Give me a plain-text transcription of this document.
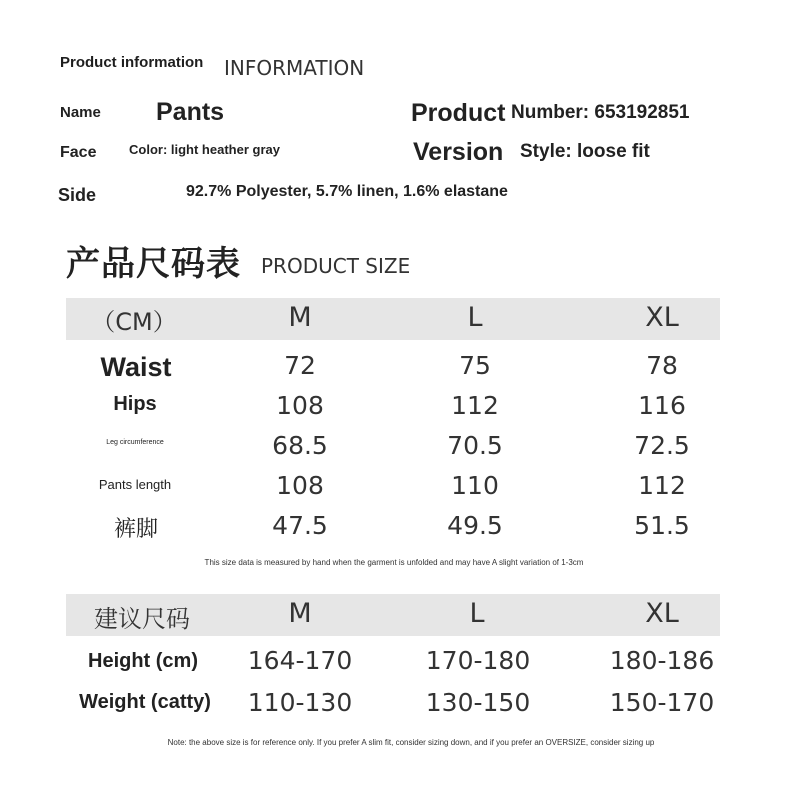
Product information INFORMATION
Name Pants	Product Number: 653192851
Face	Color: light heather gray	Version Style: loose fit
Side	92.7% Polyester, 5.7% linen, 1.6% elastane
产品尺码表 PRODUCT SIZE
（CM）	M	L	XL
Waist	72	75	78
Hips	108	112	116
Leg circumference	68.5	70.5	72.5
Pants length	108	110	112
裤脚	47.5	49.5	51.5
This size data is measured by hand when the garment is unfolded and may have A slight variation of 1-3cm
建议尺码	M	L	XL
Height (cm) 164-170	170-180	180-186
Weight (catty) 110-130	130-150	150-170
Note: the above size is for reference only. If you prefer A slim fit, consider sizing down, and if you prefer an OVERSIZE, consider sizing up
